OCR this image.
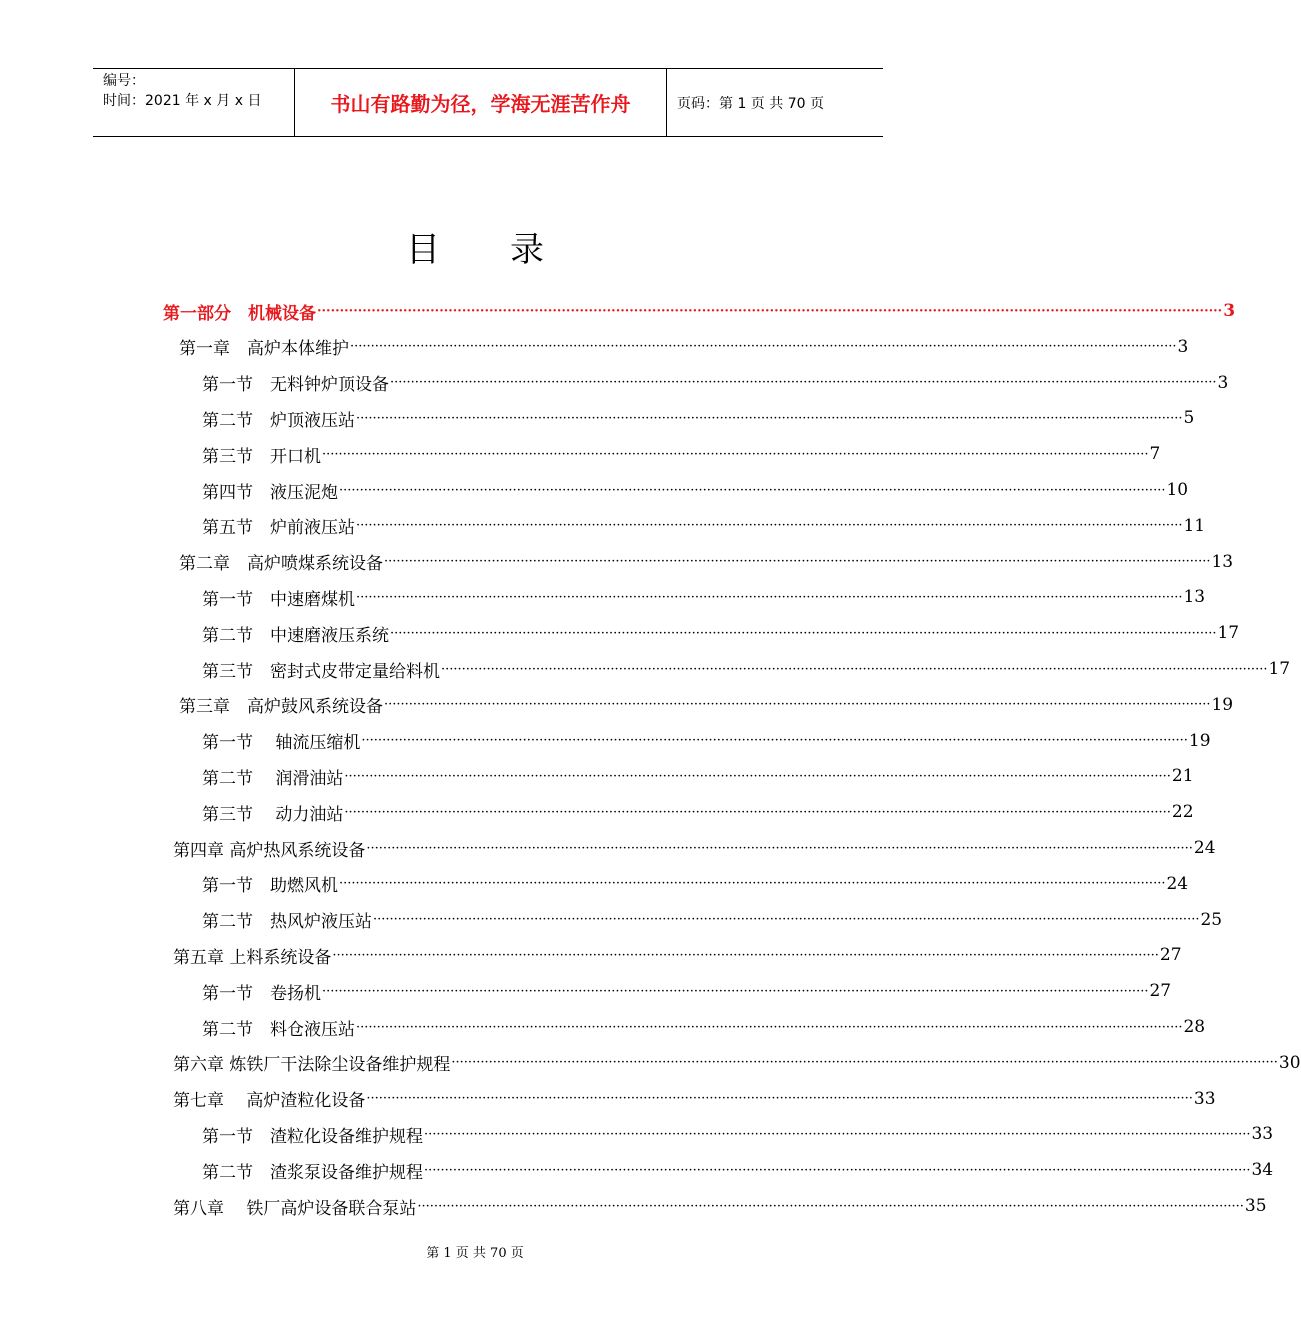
编号：
时间：2021 年 x 月 x 日	书山有路勤为径，学海无涯苦作舟	页码：第 1 页 共 70 页
目录
第一部分　机械设备 ········································································································································································································ 3
第一章　高炉本体维护 ········································································································································································································ 3
第一节　无料钟炉顶设备 ········································································································································································································ 3
第二节　炉顶液压站 ········································································································································································································ 5
第三节　开口机 ········································································································································································································ 7
第四节　液压泥炮 ········································································································································································································ 10
第五节　炉前液压站 ········································································································································································································ 11
第二章　高炉喷煤系统设备 ········································································································································································································ 13
第一节　中速磨煤机 ········································································································································································································ 13
第二节　中速磨液压系统 ········································································································································································································ 17
第三节　密封式皮带定量给料机 ········································································································································································································ 17
第三章　高炉鼓风系统设备 ········································································································································································································ 19
第一节　 轴流压缩机 ········································································································································································································ 19
第二节　 润滑油站 ········································································································································································································ 21
第三节　 动力油站 ········································································································································································································ 22
第四章 高炉热风系统设备 ········································································································································································································ 24
第一节　助燃风机 ········································································································································································································ 24
第二节　热风炉液压站 ········································································································································································································ 25
第五章 上料系统设备 ········································································································································································································ 27
第一节　卷扬机 ········································································································································································································ 27
第二节　料仓液压站 ········································································································································································································ 28
第六章 炼铁厂干法除尘设备维护规程 ········································································································································································································ 30
第七章　 高炉渣粒化设备 ········································································································································································································ 33
第一节　渣粒化设备维护规程 ········································································································································································································ 33
第二节　渣浆泵设备维护规程 ········································································································································································································ 34
第八章　 铁厂高炉设备联合泵站 ········································································································································································································ 35
第 1 页 共 70 页
